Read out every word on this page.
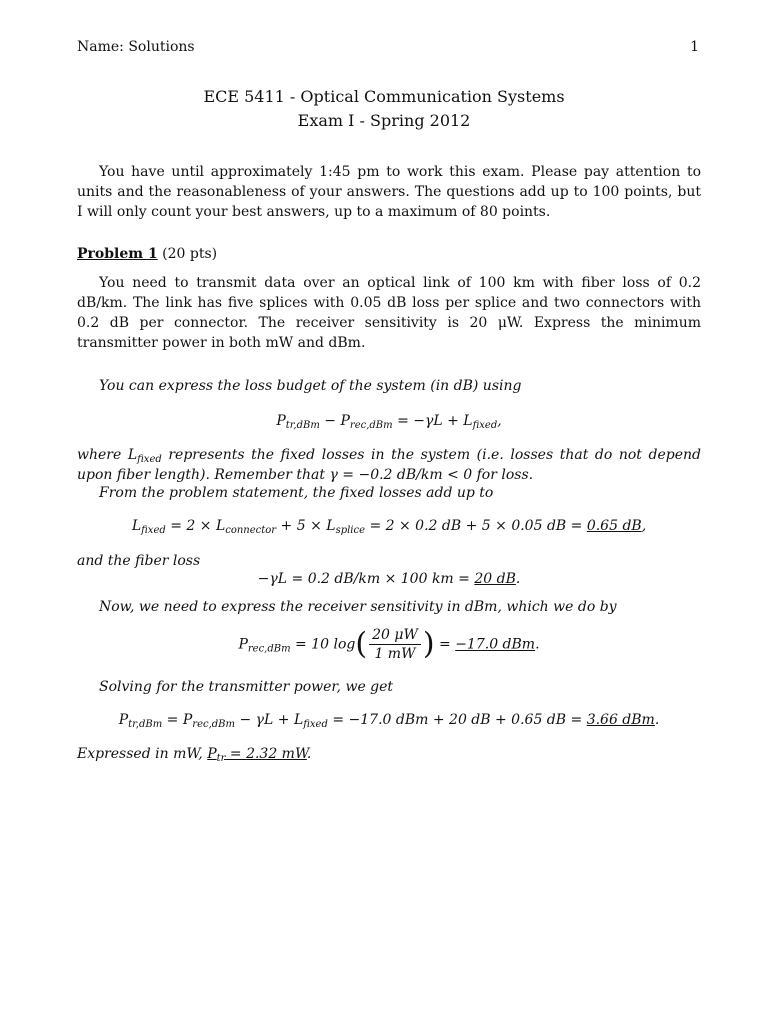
Name: Solutions	1
ECE 5411 - Optical Communication Systems
Exam I - Spring 2012
You have until approximately 1:45 pm to work this exam. Please pay attention to units and the reasonableness of your answers. The questions add up to 100 points, but I will only count your best answers, up to a maximum of 80 points.
Problem 1 (20 pts)
You need to transmit data over an optical link of 100 km with fiber loss of 0.2 dB/km. The link has five splices with 0.05 dB loss per splice and two connectors with 0.2 dB per connector. The receiver sensitivity is 20 μW. Express the minimum transmitter power in both mW and dBm.
You can express the loss budget of the system (in dB) using
$P_{tr,dBm} - P_{rec,dBm} = -\gamma L + L_{fixed}$,
where $L_{fixed}$ represents the fixed losses in the system (i.e. losses that do not depend upon fiber length). Remember that γ = −0.2 dB/km < 0 for loss.
From the problem statement, the fixed losses add up to
$L_{fixed} = 2 \times L_{connector} + 5 \times L_{splice} = 2 \times 0.2$ dB + 5 × 0.05 dB = 0.65 dB,
and the fiber loss
−γL = 0.2 dB/km × 100 km = 20 dB.
Now, we need to express the receiver sensitivity in dBm, which we do by
$P_{rec,dBm} = 10$ $\log( \frac{20 \mu W}{1 mW}$ ) = −17.0 dBm.
Solving for the transmitter power, we get
$P_{tr,dBm} = P_{rec,dBm} - \gamma L + L_{fixed} = -17.0$ dBm + 20 dB + 0.65 dB = 3.66 dBm.
Expressed in mW, $P_{tr} = 2.32$ mW.
